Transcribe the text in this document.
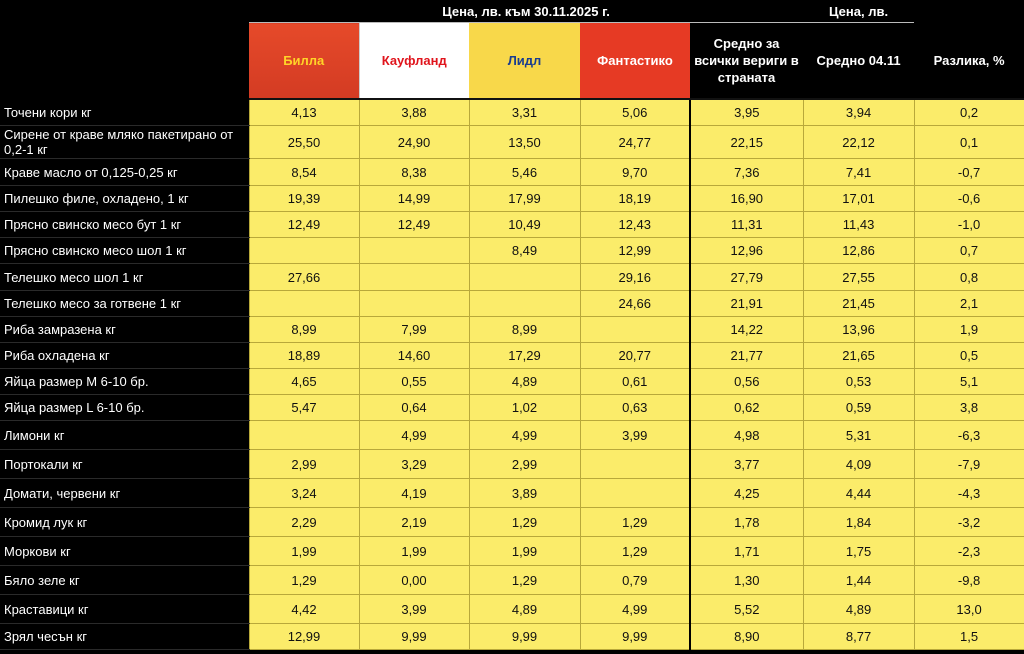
	Цена, лв. към 30.11.2025 г.					Цена, лв.	
	Билла	Кауфланд	Лидл	Фантастико	Средно за всички вериги в страната	Средно 04.11	Разлика, %
Точени кори кг	4,13	3,88	3,31	5,06	3,95	3,94	0,2
Сирене от краве мляко пакетирано от 0,2-1 кг	25,50	24,90	13,50	24,77	22,15	22,12	0,1
Краве масло от 0,125-0,25 кг	8,54	8,38	5,46	9,70	7,36	7,41	-0,7
Пилешко филе, охладено, 1 кг	19,39	14,99	17,99	18,19	16,90	17,01	-0,6
Прясно свинско месо бут 1 кг	12,49	12,49	10,49	12,43	11,31	11,43	-1,0
Прясно свинско месо шол 1 кг			8,49	12,99	12,96	12,86	0,7
Телешко месо шол 1 кг	27,66			29,16	27,79	27,55	0,8
Телешко месо за готвене 1 кг				24,66	21,91	21,45	2,1
Риба замразена кг	8,99	7,99	8,99		14,22	13,96	1,9
Риба охладена кг	18,89	14,60	17,29	20,77	21,77	21,65	0,5
Яйца размер М 6-10 бр.	4,65	0,55	4,89	0,61	0,56	0,53	5,1
Яйца размер L 6-10 бр.	5,47	0,64	1,02	0,63	0,62	0,59	3,8
Лимони кг		4,99	4,99	3,99	4,98	5,31	-6,3
Портокали кг	2,99	3,29	2,99		3,77	4,09	-7,9
Домати, червени кг	3,24	4,19	3,89		4,25	4,44	-4,3
Кромид лук кг	2,29	2,19	1,29	1,29	1,78	1,84	-3,2
Моркови кг	1,99	1,99	1,99	1,29	1,71	1,75	-2,3
Бяло зеле кг	1,29	0,00	1,29	0,79	1,30	1,44	-9,8
Краставици кг	4,42	3,99	4,89	4,99	5,52	4,89	13,0
Зрял чесън кг	12,99	9,99	9,99	9,99	8,90	8,77	1,5
